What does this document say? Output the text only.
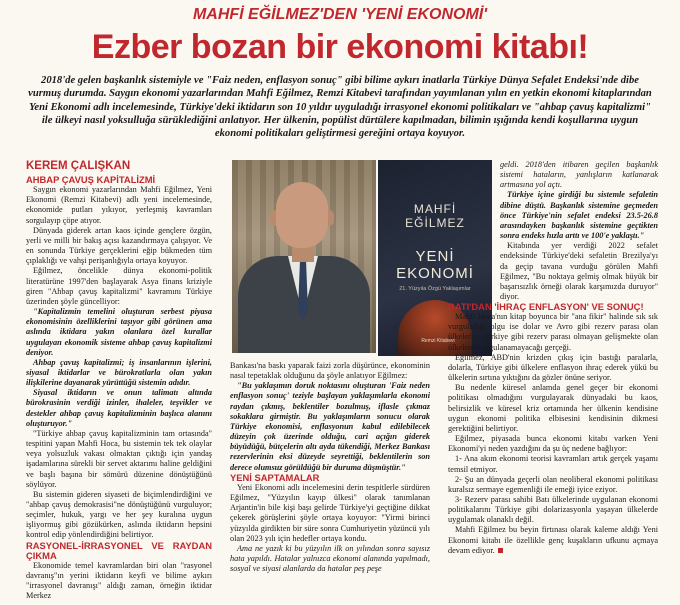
MAHFİ EĞİLMEZ'DEN 'YENİ EKONOMİ'
Ezber bozan bir ekonomi kitabı!
2018'de gelen başkanlık sistemiyle ve "Faiz neden, enflasyon sonuç" gibi bilime aykırı inatlarla Türkiye Dünya Sefalet Endeksi'nde dibe vurmuş durumda. Saygın ekonomi yazarlarından Mahfi Eğilmez, Remzi Kitabevi tarafından yayımlanan yılın en yetkin ekonomi kitaplarından Yeni Ekonomi adlı incelemesinde, Türkiye'deki iktidarın son 10 yıldır uyguladığı irrasyonel ekonomi politikaları ve "ahbap çavuş kapitalizmi" ile ülkeyi nasıl yoksulluğa sürüklediğini anlatıyor. Her ülkenin, popülist dürtülere kapılmadan, bilimin ışığında kendi koşullarına uygun ekonomi politikaları geliştirmesi gereğini ortaya koyuyor.
KEREM ÇALIŞKAN

AHBAP ÇAVUŞ KAPİTALİZMİ

Saygın ekonomi yazarlarından Mahfi Eğilmez, Yeni Ekonomi (Remzi Kitabevi) adlı yeni incelemesinde, ekonomide putları yıkıyor, yerleşmiş kavramları sorgulayıp çöpe atıyor.

Dünyada giderek artan kaos içinde gençlere özgün, yerli ve milli bir bakış açısı kazandırmaya çalışıyor. Ve en sonunda Türkiye gerçeklerini eğip bükmeden tüm çıplaklığı ve vahşi perişanlığıyla ortaya koyuyor.

Eğilmez, öncelikle dünya ekonomi-politik literatürüne 1997'den başlayarak Asya finans kriziyle giren "Ahbap çavuş kapitalizmi" kavramını Türkiye üzerinden şöyle güncelliyor:

"Kapitalizmin temelini oluşturan serbest piyasa ekonomisinin özelliklerini taşıyor gibi görünen ama aslında iktidara yakın olanlara özel kurallar uygulayan ekonomik sisteme ahbap çavuş kapitalizmi deniyor.

Ahbap çavuş kapitalizmi; iş insanlarının işlerini, siyasal iktidarlar ve bürokratlarla olan yakın ilişkilerine dayanarak yürüttüğü sistemin adıdır.

Siyasal iktidarın ve onun talimatı altında bürokrasinin verdiği izinler, ihaleler, teşvikler ve destekler ahbap çavuş kapitalizminin başlıca alanını oluşturuyor."

"Türkiye ahbap çavuş kapitalizminin tam ortasında" tespitini yapan Mahfi Hoca, bu sistemin tek tek olaylar veya yolsuzluk vakası olmaktan çıktığı için yandaş işadamlarına sürekli bir servet aktarımı haline geldiğini ve başlı başına bir sömürü düzenine dönüştüğünü söylüyor.

Bu sistemin gideren siyaseti de biçimlendirdiğini ve "ahbap çavuş demokrasisi"ne dönüştüğünü vurguluyor; seçimler, hukuk, yargı ve her şey kuralına uygun işliyormuş gibi gözükürken, aslında iktidarın hepsini kontrol edip yönlendirdiğini belirtiyor.

RASYONEL-İRRASYONEL VE RAYDAN ÇIKMA

Ekonomide temel kavramlardan biri olan "rasyonel davranış"ın yerini iktidarın keyfi ve bilime aykırı "irrasyonel davranışı" aldığı zaman, örneğin iktidar Merkez

MAHFİ EĞİLMEZ
YENİ EKONOMİ
21. Yüzyıla Özgü Yaklaşımlar
Remzi Kitabevi

Bankası'na baskı yaparak faizi zorla düşürünce, ekonominin nasıl tepetaklak olduğunu da şöyle anlatıyor Eğilmez:

"Bu yaklaşımın doruk noktasını oluşturan 'Faiz neden enflasyon sonuç' teziyle başlayan yaklaşımlarla ekonomi raydan çıkmış, beklentiler bozulmuş, iflasle çıkmaz sokaklara girmiştir. Bu yaklaşımların sonucu olarak Türkiye ekonomisi, enflasyonun kabul edilebilecek düzeyin çok üzerinde olduğu, cari açığın giderek büyüdüğü, bütçelerin altı ayda tükendiği, Merkez Bankası rezervlerinin eksi düzeyde seyrettiği, beklentilerin son derece olumsuz görüldüğü bir duruma düşmüştür."

YENİ SAPTAMALAR

Yeni Ekonomi adlı incelemesini derin tespitlerle sürdüren Eğilmez, "Yüzyılın kayıp ülkesi" olarak tanımlanan Arjantin'in bile kişi başı gelirde Türkiye'yi geçtiğine dikkat çekerek görüşlerini şöyle ortaya koyuyor: "Yirmi birinci yüzyılda girdikten bir süre sonra Cumhuriyetin yüzüncü yılı olan 2023 yılı için hedefler ortaya kondu.

Ama ne yazık ki bu yüzyılın ilk on yılından sonra sayısız hata yapıldı. Hatalar yalnızca ekonomi alanında yapılmadı, sosyal ve siyasi alanlarda da hatalar peş peşe

geldi. 2018'den itibaren geçilen başkanlık sistemi hataların, yanlışların katlanarak artmasına yol açtı.

Türkiye içine girdiği bu sistemle sefaletin dibine düştü. Başkanlık sistemine geçmeden önce Türkiye'nin sefalet endeksi 23.5-26.8 arasındayken başkanlık sistemine geçtikten sonra endeks hızla arttı ve 100'e yaklaştı."

Kitabında yer verdiği 2022 sefalet endeksinde Türkiye'deki sefaletin Brezilya'yı da geçip tavana vurduğu görülen Mahfi Eğilmez, "Bu noktaya gelmiş olmak büyük bir başarısızlık örneği olarak karşımızda duruyor" diyor.

BATI'DAN 'İHRAÇ ENFLASYON' VE SONUÇ!

Mahfi Hoca'nın kitap boyunca bir "ana fikir" halinde sık sık vurguladığı olgu ise dolar ve Avro gibi rezerv parası olan ülkelerle, Türkiye gibi rezerv parası olmayan gelişmekte olan ülkelerde uygulanamayacağı gerçeği.

Eğilmez, ABD'nin krizden çıkış için bastığı paralarla, dolarla, Türkiye gibi ülkelere enflasyon ihraç ederek yükü bu ülkelerin sırtına yıktığını da gözler önüne seriyor.

Bu nedenle küresel anlamda genel geçer bir ekonomi politikası olmadığını vurgulayarak dünyadaki bu kaos, belirsizlik ve küresel kriz ortamında her ülkenin kendisine uygun ekonomi politika elbisesini kendisinin dikmesi gerektiğini belirtiyor.

Eğilmez, piyasada bunca ekonomi kitabı varken Yeni Ekonomi'yi neden yazdığını da şu üç nedene bağlıyor:

1- Ana akım ekonomi teorisi kavramları artık gerçek yaşamı temsil etmiyor.

2- Şu an dünyada geçerli olan neoliberal ekonomi politikası kuralsız sermaye egemenliği ile emeği iyice eziyor.

3- Rezerv parası sahibi Batı ülkelerinde uygulanan ekonomi politikalarını Türkiye gibi dolarizasyonla yaşayan ülkelerde uygulamak olanaklı değil.

Mahfi Eğilmez bu beyin firtınası olarak kaleme aldığı Yeni Ekonomi kitabı ile özellikle genç kuşakların ufkunu açmaya devam ediyor.
